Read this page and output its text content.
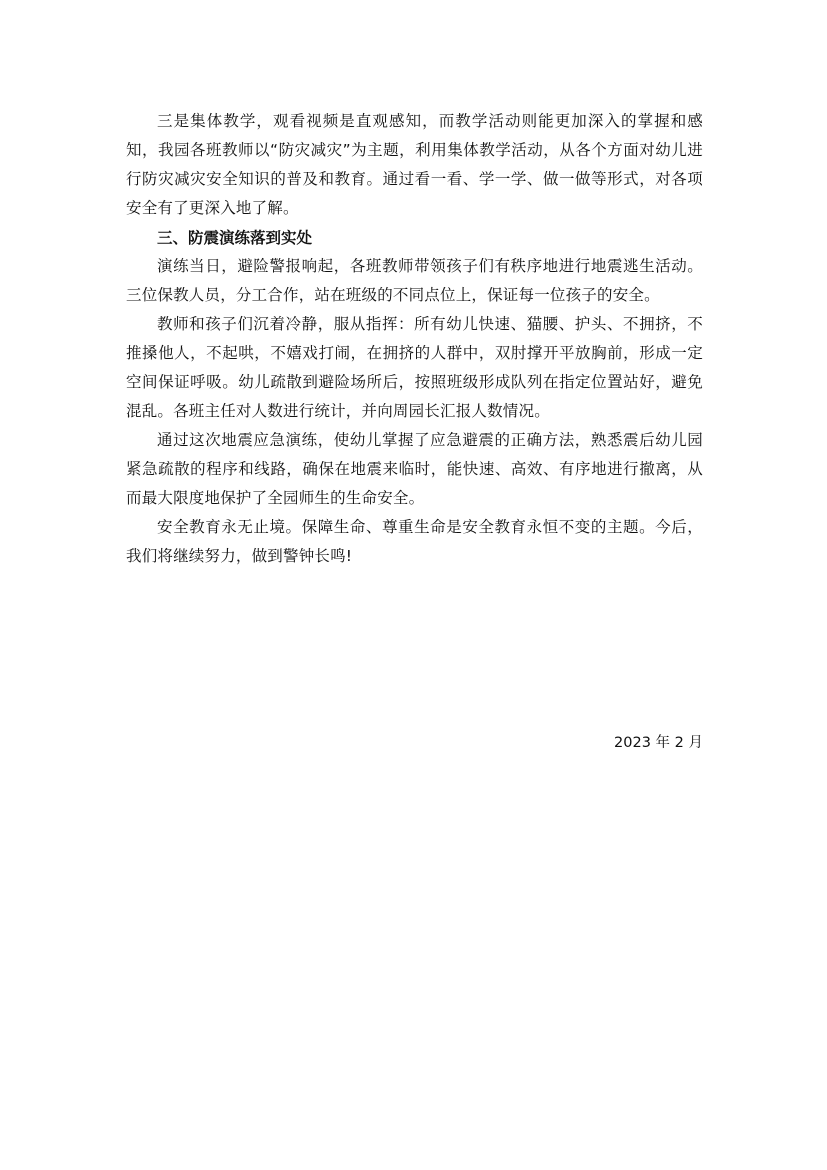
三是集体教学，观看视频是直观感知，而教学活动则能更加深入的掌握和感知，我园各班教师以“防灾减灾”为主题，利用集体教学活动，从各个方面对幼儿进行防灾减灾安全知识的普及和教育。通过看一看、学一学、做一做等形式，对各项安全有了更深入地了解。

三、防震演练落到实处

演练当日，避险警报响起，各班教师带领孩子们有秩序地进行地震逃生活动。三位保教人员，分工合作，站在班级的不同点位上，保证每一位孩子的安全。

教师和孩子们沉着冷静，服从指挥：所有幼儿快速、猫腰、护头、不拥挤，不推搡他人，不起哄，不嬉戏打闹，在拥挤的人群中，双肘撑开平放胸前，形成一定空间保证呼吸。幼儿疏散到避险场所后，按照班级形成队列在指定位置站好，避免混乱。各班主任对人数进行统计，并向周园长汇报人数情况。

通过这次地震应急演练，使幼儿掌握了应急避震的正确方法，熟悉震后幼儿园紧急疏散的程序和线路，确保在地震来临时，能快速、高效、有序地进行撤离，从而最大限度地保护了全园师生的生命安全。

安全教育永无止境。保障生命、尊重生命是安全教育永恒不变的主题。今后，我们将继续努力，做到警钟长鸣!

2023 年 2 月
